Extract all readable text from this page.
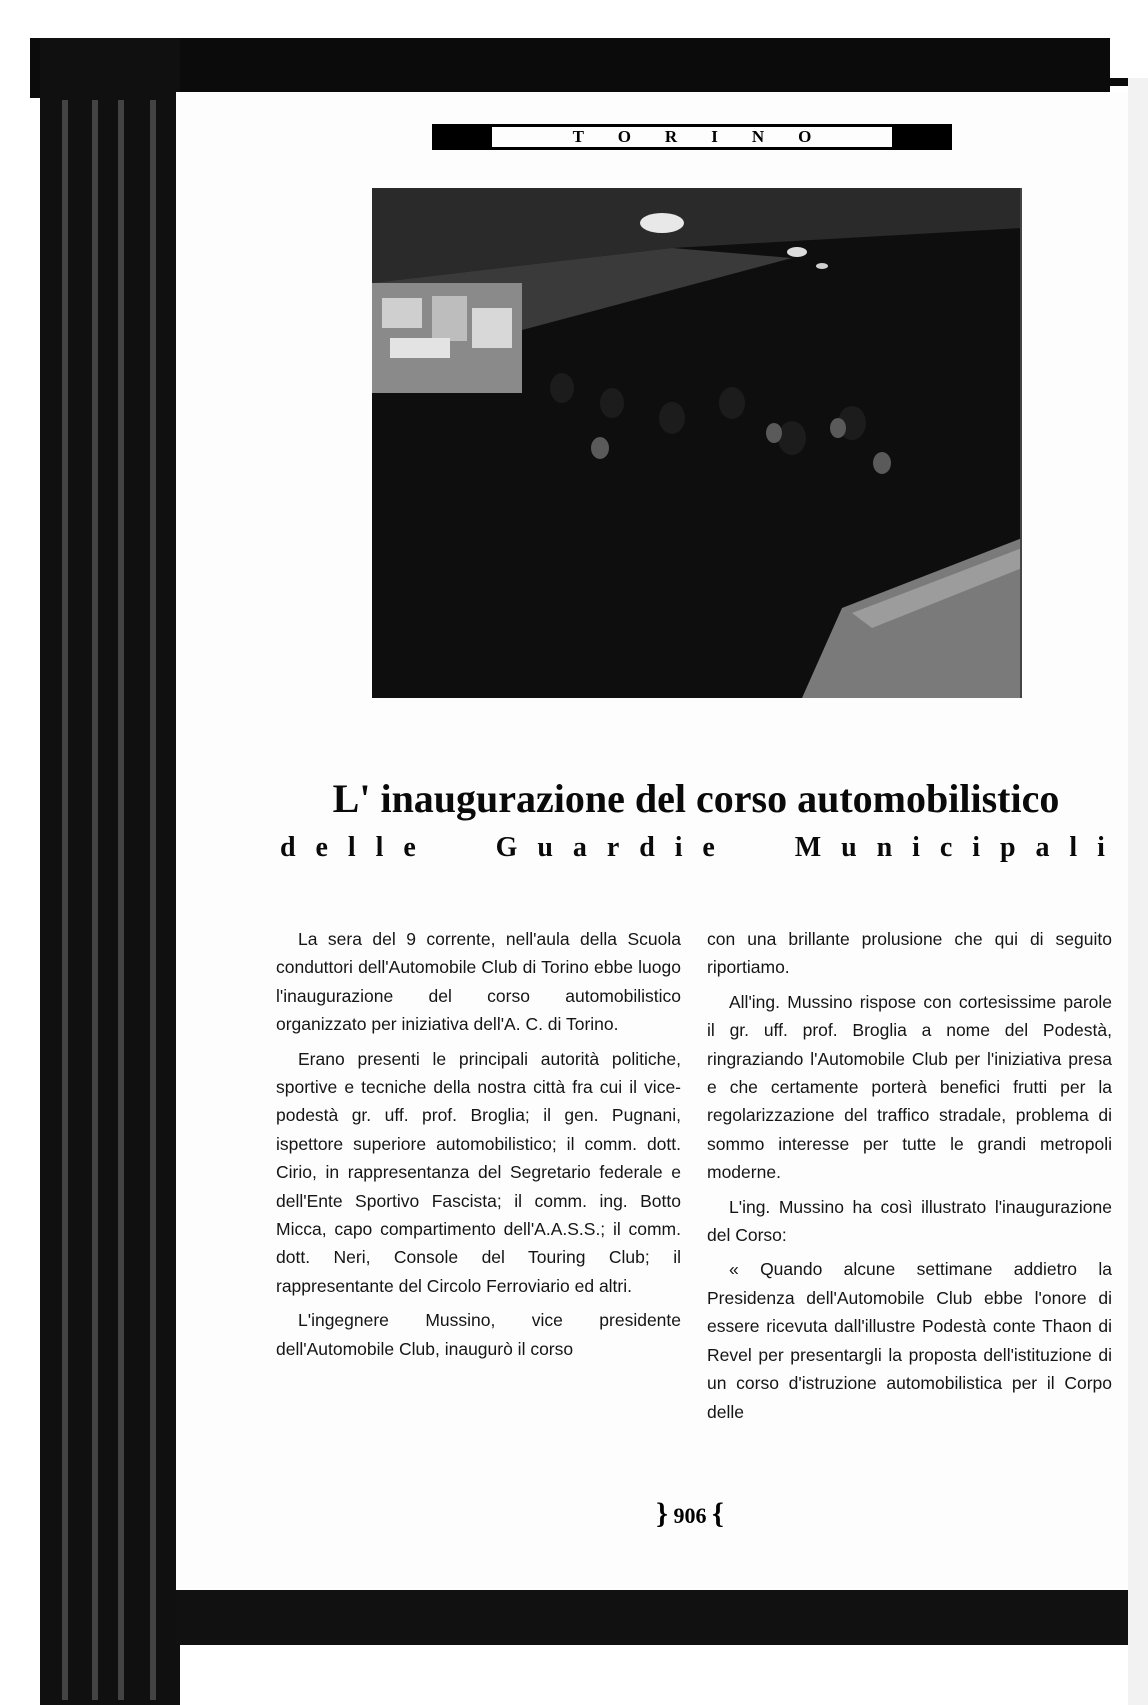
TORINO
L' inaugurazione del corso automobilistico
d e l l e	G u a r d i e	M u n i c i p a l i

La sera del 9 corrente, nell'aula della Scuola conduttori dell'Automobile Club di Torino ebbe luogo l'inaugurazione del corso automobilistico organizzato per iniziativa dell'A. C. di Torino.

Erano presenti le principali autorità politiche, sportive e tecniche della nostra città fra cui il vice-podestà gr. uff. prof. Broglia; il gen. Pugnani, ispettore superiore automobilistico; il comm. dott. Cirio, in rappresentanza del Segretario federale e dell'Ente Sportivo Fascista; il comm. ing. Botto Micca, capo compartimento dell'A.A.S.S.; il comm. dott. Neri, Console del Touring Club; il rappresentante del Circolo Ferroviario ed altri.

L'ingegnere Mussino, vice presidente dell'Automobile Club, inaugurò il corso

con una brillante prolusione che qui di seguito riportiamo.

All'ing. Mussino rispose con cortesissime parole il gr. uff. prof. Broglia a nome del Podestà, ringraziando l'Automobile Club per l'iniziativa presa e che certamente porterà benefici frutti per la regolarizzazione del traffico stradale, problema di sommo interesse per tutte le grandi metropoli moderne.

L'ing. Mussino ha così illustrato l'inaugurazione del Corso:

« Quando alcune settimane addietro la Presidenza dell'Automobile Club ebbe l'onore di essere ricevuta dall'illustre Podestà conte Thaon di Revel per presentargli la proposta dell'istituzione di un corso d'istruzione automobilistica per il Corpo delle

} 906 {
